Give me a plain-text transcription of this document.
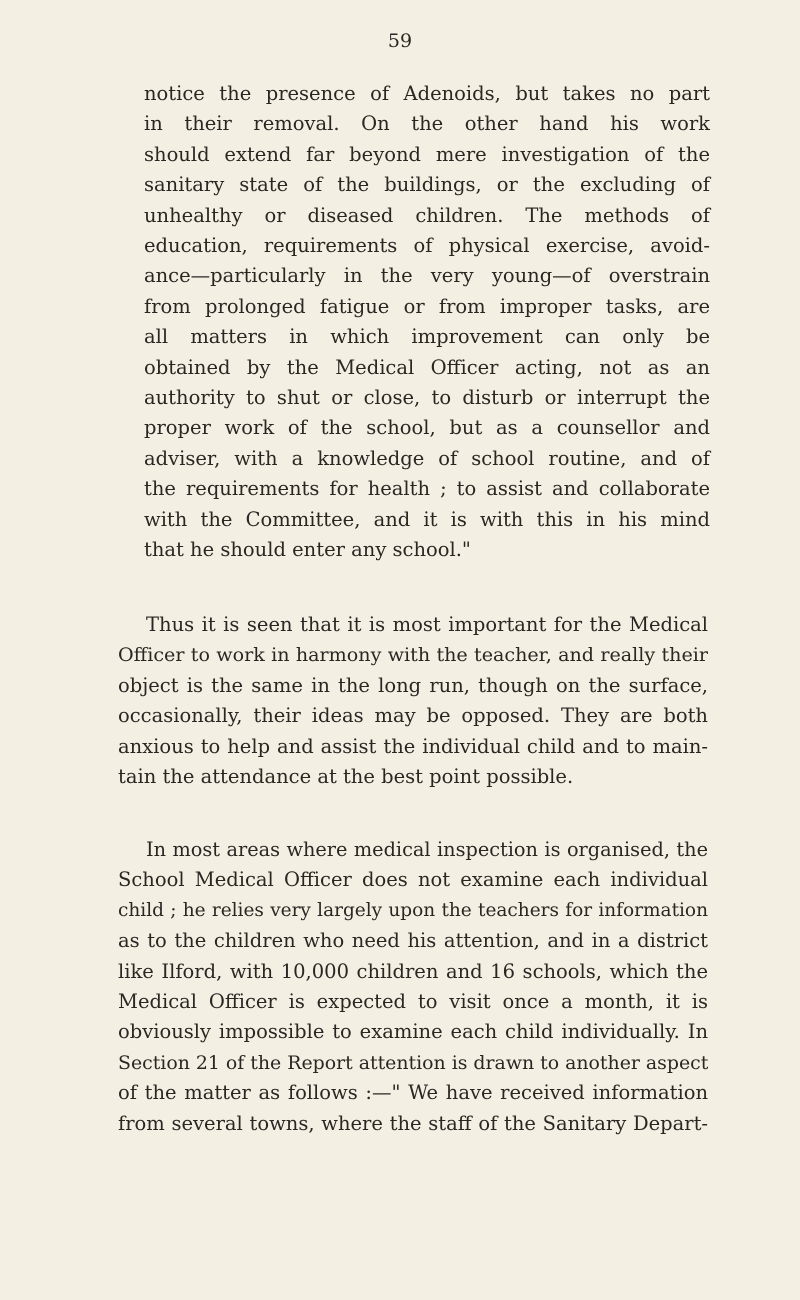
59
notice the presence of Adenoids, but takes no part
in their removal. On the other hand his work
should extend far beyond mere investigation of the
sanitary state of the buildings, or the excluding of
unhealthy or diseased children. The methods of
education, requirements of physical exercise, avoid-
ance—particularly in the very young—of overstrain
from prolonged fatigue or from improper tasks, are
all matters in which improvement can only be
obtained by the Medical Officer acting, not as an
authority to shut or close, to disturb or interrupt the
proper work of the school, but as a counsellor and
adviser, with a knowledge of school routine, and of
the requirements for health ; to assist and collaborate
with the Committee, and it is with this in his mind
that he should enter any school."
Thus it is seen that it is most important for the Medical
Officer to work in harmony with the teacher, and really their
object is the same in the long run, though on the surface,
occasionally, their ideas may be opposed. They are both
anxious to help and assist the individual child and to main-
tain the attendance at the best point possible.
In most areas where medical inspection is organised, the
School Medical Officer does not examine each individual
child ; he relies very largely upon the teachers for information
as to the children who need his attention, and in a district
like Ilford, with 10,000 children and 16 schools, which the
Medical Officer is expected to visit once a month, it is
obviously impossible to examine each child individually. In
Section 21 of the Report attention is drawn to another aspect
of the matter as follows :—" We have received information
from several towns, where the staff of the Sanitary Depart-
